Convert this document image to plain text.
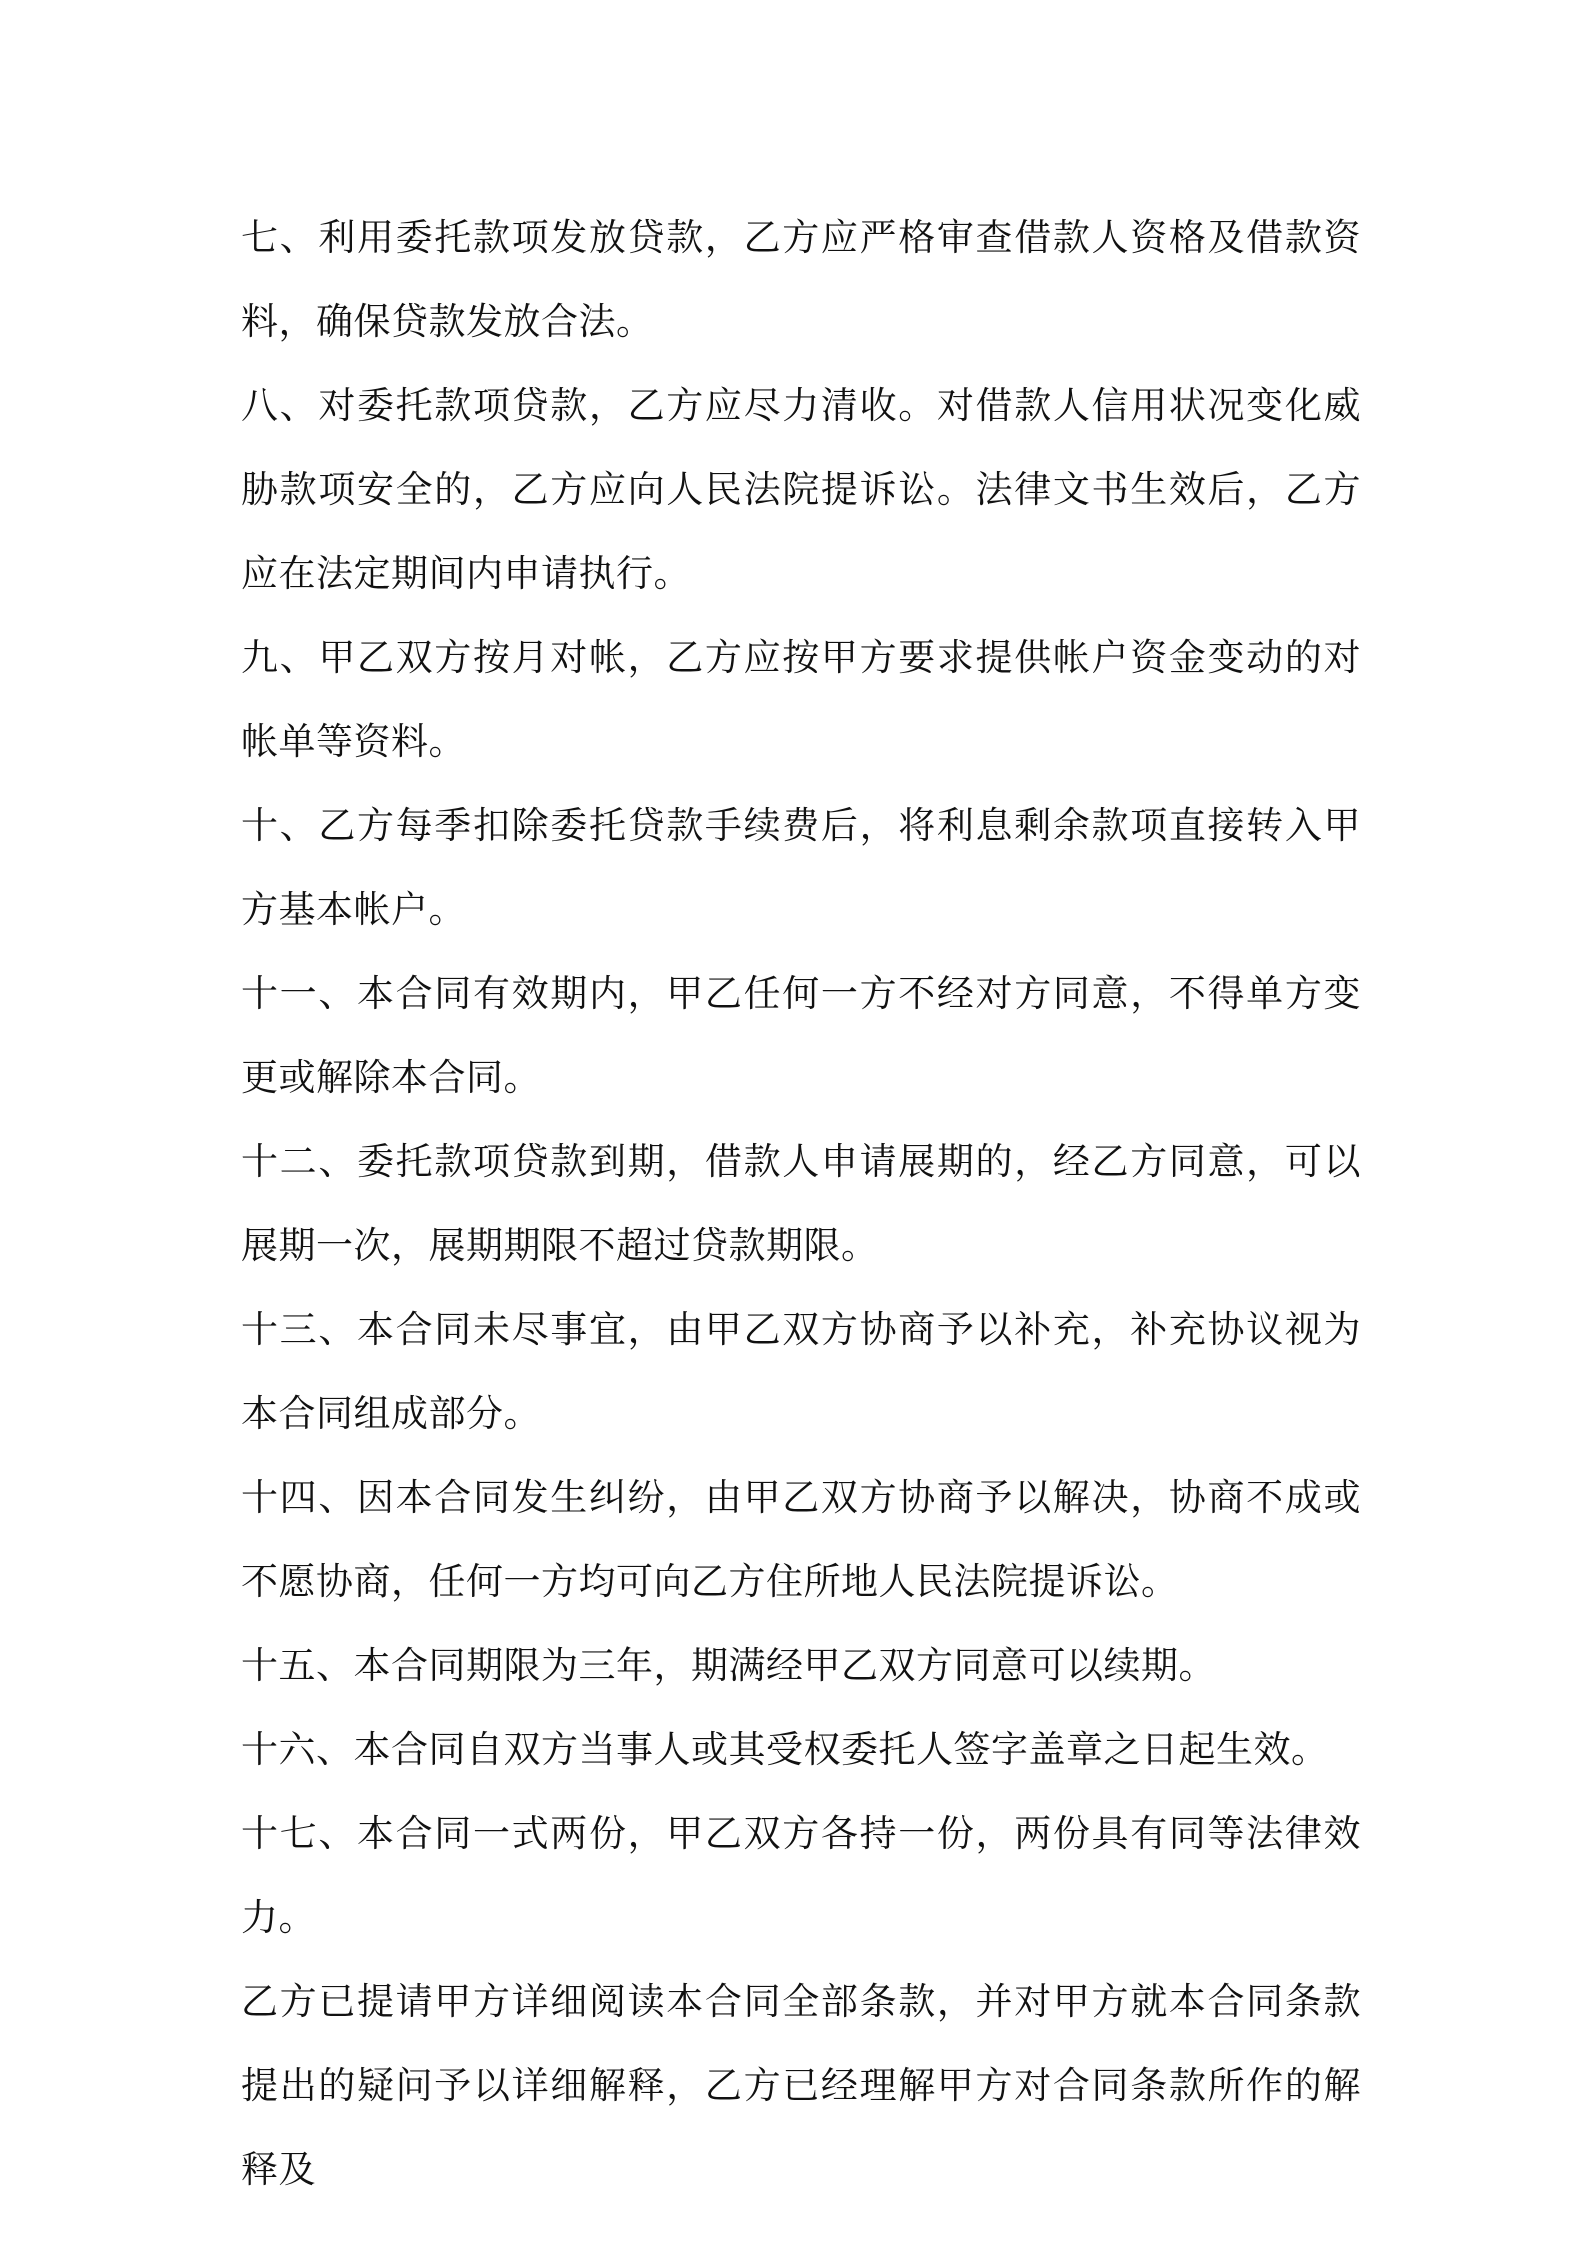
七、利用委托款项发放贷款，乙方应严格审查借款人资格及借款资料，确保贷款发放合法。

八、对委托款项贷款，乙方应尽力清收。对借款人信用状况变化威胁款项安全的，乙方应向人民法院提诉讼。法律文书生效后，乙方应在法定期间内申请执行。

九、甲乙双方按月对帐，乙方应按甲方要求提供帐户资金变动的对帐单等资料。

十、乙方每季扣除委托贷款手续费后，将利息剩余款项直接转入甲方基本帐户。

十一、本合同有效期内，甲乙任何一方不经对方同意，不得单方变更或解除本合同。

十二、委托款项贷款到期，借款人申请展期的，经乙方同意，可以展期一次，展期期限不超过贷款期限。

十三、本合同未尽事宜，由甲乙双方协商予以补充，补充协议视为本合同组成部分。

十四、因本合同发生纠纷，由甲乙双方协商予以解决，协商不成或不愿协商，任何一方均可向乙方住所地人民法院提诉讼。

十五、本合同期限为三年，期满经甲乙双方同意可以续期。

十六、本合同自双方当事人或其受权委托人签字盖章之日起生效。

十七、本合同一式两份，甲乙双方各持一份，两份具有同等法律效力。

乙方已提请甲方详细阅读本合同全部条款，并对甲方就本合同条款提出的疑问予以详细解释，乙方已经理解甲方对合同条款所作的解释及
